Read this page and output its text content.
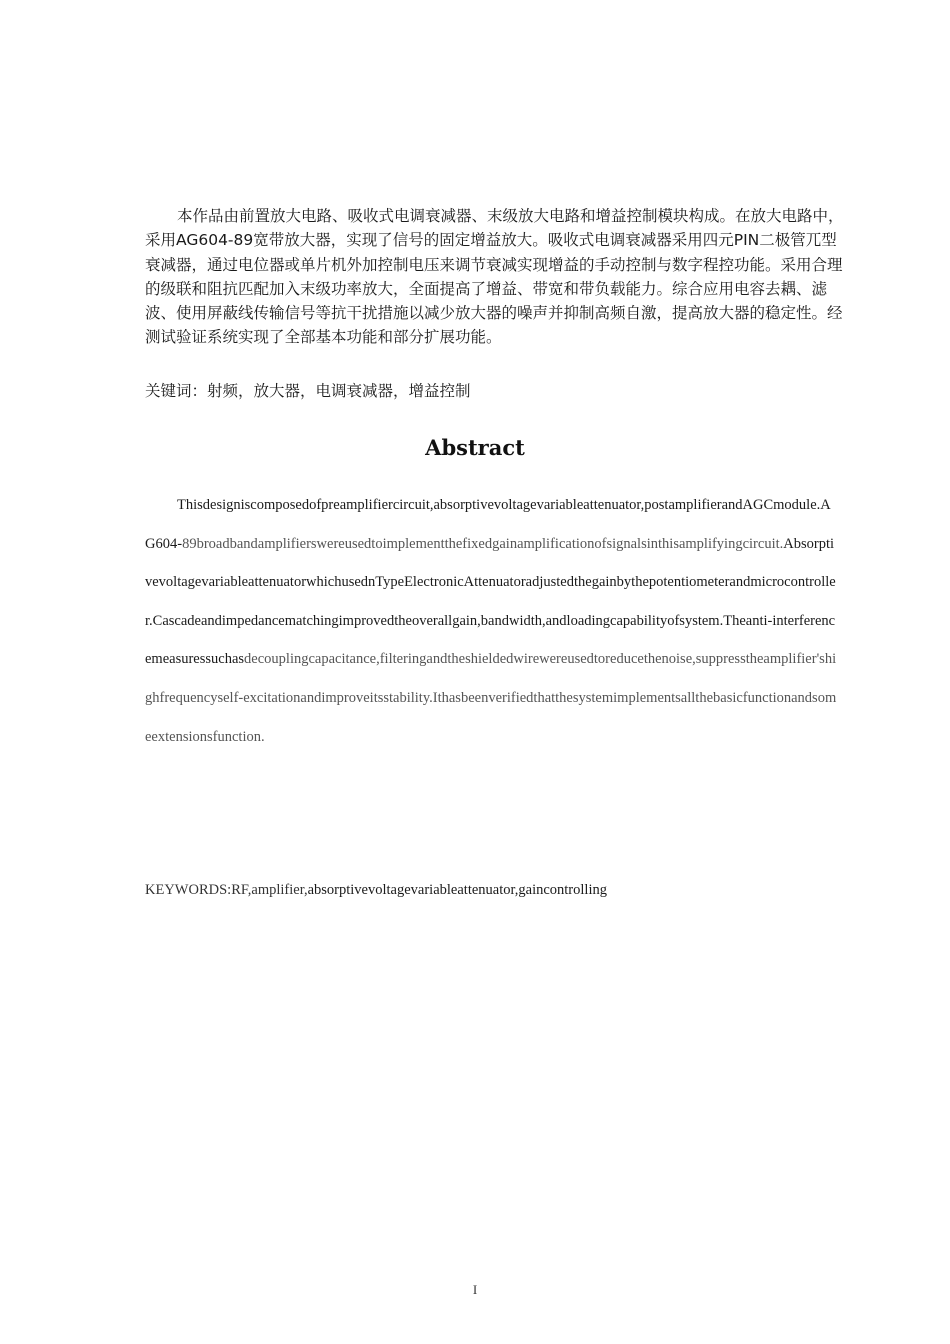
本作品由前置放大电路、吸收式电调衰减器、末级放大电路和增益控制模块构成。在放大电路中，采用AG604-89宽带放大器，实现了信号的固定增益放大。吸收式电调衰减器采用四元PIN二极管兀型衰减器，通过电位器或单片机外加控制电压来调节衰减实现增益的手动控制与数字程控功能。采用合理的级联和阻抗匹配加入末级功率放大，全面提高了增益、带宽和带负载能力。综合应用电容去耦、滤波、使用屏蔽线传输信号等抗干扰措施以减少放大器的噪声并抑制高频自激，提高放大器的稳定性。经测试验证系统实现了全部基本功能和部分扩展功能。
关键词：射频，放大器，电调衰减器，增益控制
Abstract
Thisdesigniscomposedofpreamplifiercircuit,absorptivevoltagevariableattenuator,postamplifierandAGCmodule.AG604-89broadbandamplifierswereusedtoimplementthefixedgainamplificationofsignalsinthisamplifyingcircuit.AbsorptivevoltagevariableattenuatorwhichusednTypeElectronicAttenuatoradjustedthegainbythepotentiometerandmicrocontroller.Cascadeandimpedancematchingimprovedtheoverallgain,bandwidth,andloadingcapabilityofsystem.Theanti-interferencemeasuressuchasdecouplingcapacitance,filteringandtheshieldedwirewereusedtoreducethenoise,suppresstheamplifier'shighfrequencyself-excitationandimproveitsstability.Ithasbeenverifiedthatthesystemimplementsallthebasicfunctionandsomeextensionsfunction.
KEYWORDS:RF,amplifier,absorptivevoltagevariableattenuator,gaincontrolling
I
